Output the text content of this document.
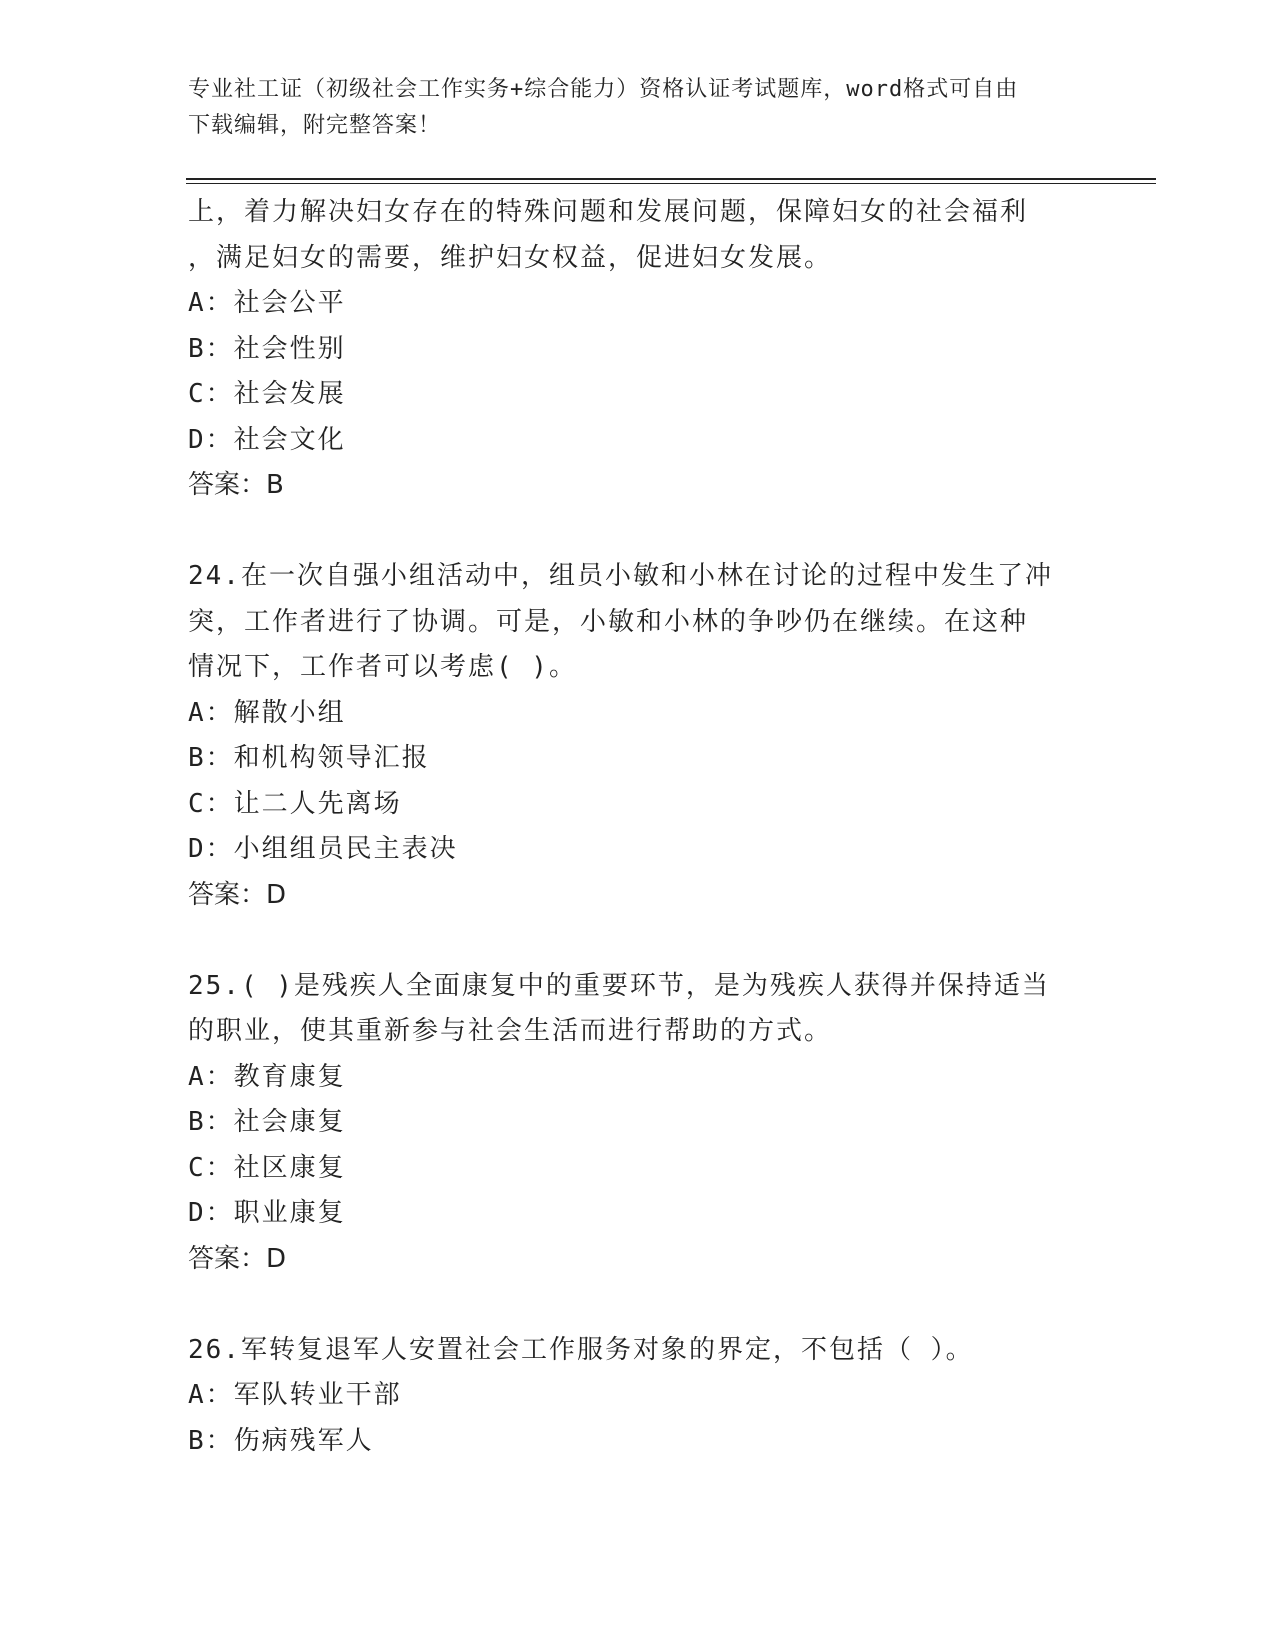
专业社工证（初级社会工作实务+综合能力）资格认证考试题库，word格式可自由
下载编辑，附完整答案！
上，着力解决妇女存在的特殊问题和发展问题，保障妇女的社会福利
，满足妇女的需要，维护妇女权益，促进妇女发展。
A：社会公平
B：社会性别
C：社会发展
D：社会文化
答案：B
24.在一次自强小组活动中，组员小敏和小林在讨论的过程中发生了冲
突，工作者进行了协调。可是，小敏和小林的争吵仍在继续。在这种
情况下，工作者可以考虑( )。
A：解散小组
B：和机构领导汇报
C：让二人先离场
D：小组组员民主表决
答案：D
25.( )是残疾人全面康复中的重要环节，是为残疾人获得并保持适当
的职业，使其重新参与社会生活而进行帮助的方式。
A：教育康复
B：社会康复
C：社区康复
D：职业康复
答案：D
26.军转复退军人安置社会工作服务对象的界定，不包括（ ）。
A：军队转业干部
B：伤病残军人
